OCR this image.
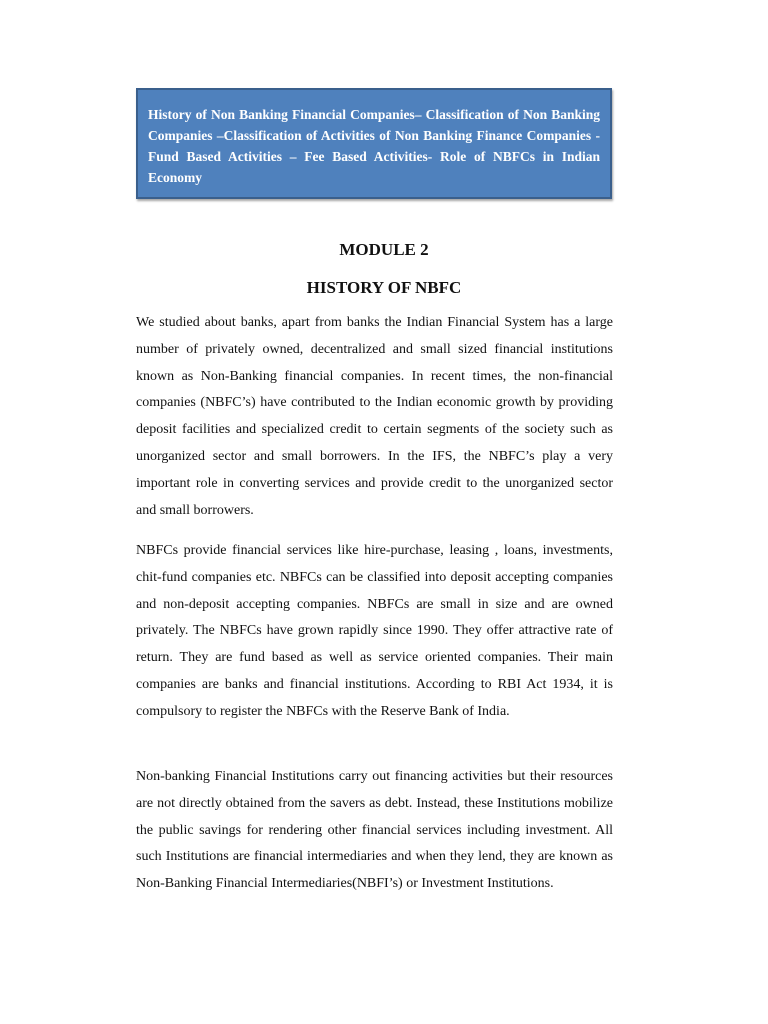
History of Non Banking Financial Companies– Classification of Non Banking Companies –Classification of Activities of Non Banking Finance Companies - Fund Based Activities – Fee Based Activities- Role of NBFCs in Indian Economy

MODULE 2
HISTORY OF NBFC

We studied about banks, apart from banks the Indian Financial System has a large number of privately owned, decentralized and small sized financial institutions known as Non-Banking financial companies. In recent times, the non-financial companies (NBFC’s) have contributed to the Indian economic growth by providing deposit facilities and specialized credit to certain segments of the society such as unorganized sector and small borrowers. In the IFS, the NBFC’s play a very important role in converting services and provide credit to the unorganized sector and small borrowers.

NBFCs provide financial services like hire-purchase, leasing , loans, investments, chit-fund companies etc. NBFCs can be classified into deposit accepting companies and non-deposit accepting companies. NBFCs are small in size and are owned privately. The NBFCs have grown rapidly since 1990. They offer attractive rate of return. They are fund based as well as service oriented companies. Their main companies are banks and financial institutions. According to RBI Act 1934, it is compulsory to register the NBFCs with the Reserve Bank of India.

Non-banking Financial Institutions carry out financing activities but their resources are not directly obtained from the savers as debt. Instead, these Institutions mobilize the public savings for rendering other financial services including investment. All such Institutions are financial intermediaries and when they lend, they are known as Non-Banking Financial Intermediaries(NBFI’s) or Investment Institutions.
